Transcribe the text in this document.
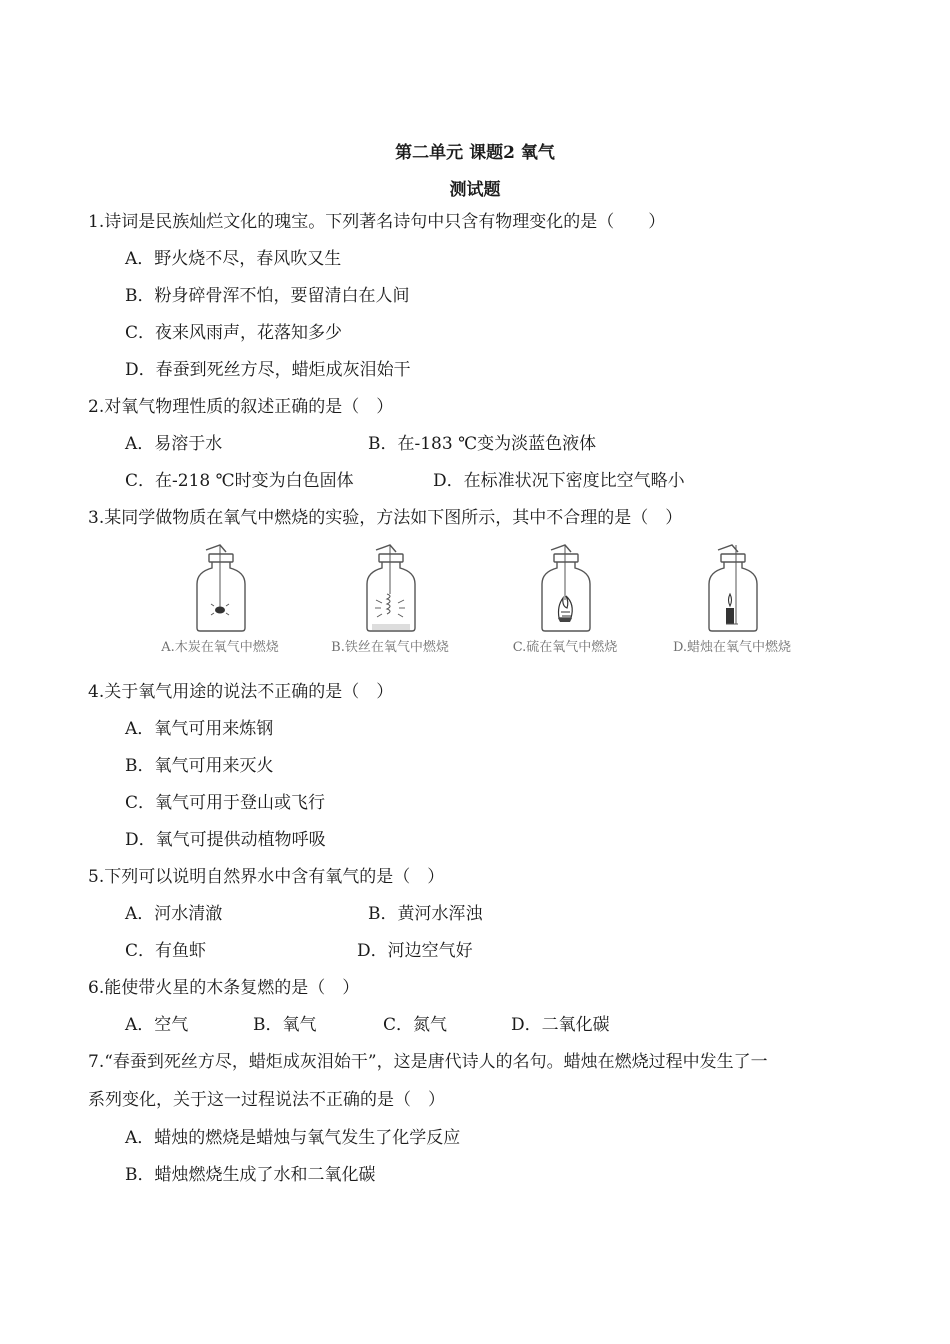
第二单元 课题2 氧气
测试题
1.诗词是民族灿烂文化的瑰宝。下列著名诗句中只含有物理变化的是（　　）
A．野火烧不尽，春风吹又生
B．粉身碎骨浑不怕，要留清白在人间
C．夜来风雨声，花落知多少
D．春蚕到死丝方尽，蜡炬成灰泪始干
2.对氧气物理性质的叙述正确的是（　）
A．易溶于水	B．在-183 ℃变为淡蓝色液体
C．在-218 ℃时变为白色固体	D．在标准状况下密度比空气略小
3.某同学做物质在氧气中燃烧的实验，方法如下图所示，其中不合理的是（　）
A.木炭在氧气中燃烧	B.铁丝在氧气中燃烧	C.硫在氧气中燃烧	D.蜡烛在氧气中燃烧
4.关于氧气用途的说法不正确的是（　）
A．氧气可用来炼钢
B．氧气可用来灭火
C．氧气可用于登山或飞行
D．氧气可提供动植物呼吸
5.下列可以说明自然界水中含有氧气的是（　）
A．河水清澈	B．黄河水浑浊
C．有鱼虾	D．河边空气好
6.能使带火星的木条复燃的是（　）
A．空气	B．氧气	C．氮气	D．二氧化碳
7.“春蚕到死丝方尽，蜡炬成灰泪始干”，这是唐代诗人的名句。蜡烛在燃烧过程中发生了一
系列变化，关于这一过程说法不正确的是（　）
A．蜡烛的燃烧是蜡烛与氧气发生了化学反应
B．蜡烛燃烧生成了水和二氧化碳
